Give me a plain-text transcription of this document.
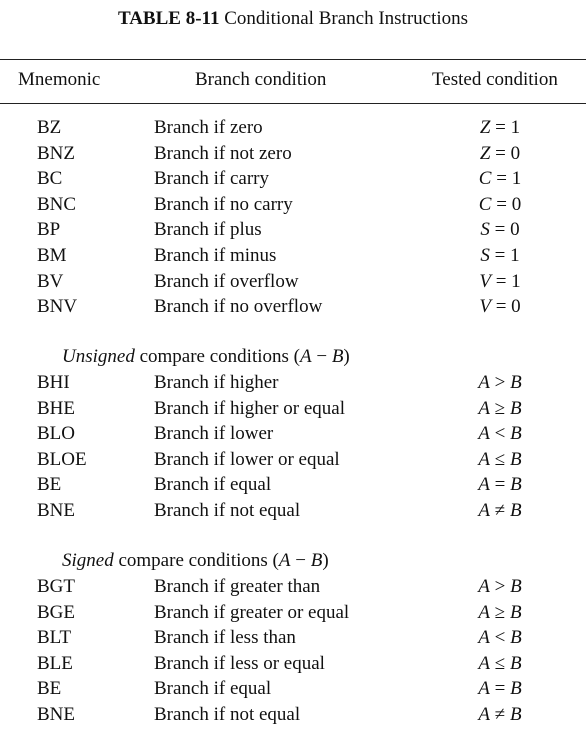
TABLE 8-11 Conditional Branch Instructions
Mnemonic	Branch condition	Tested condition
BZ	Branch if zero	Z = 1
BNZ	Branch if not zero	Z = 0
BC	Branch if carry	C = 1
BNC	Branch if no carry	C = 0
BP	Branch if plus	S = 0
BM	Branch if minus	S = 1
BV	Branch if overflow	V = 1
BNV	Branch if no overflow	V = 0
Unsigned compare conditions (A − B)
BHI	Branch if higher	A > B
BHE	Branch if higher or equal	A ≥ B
BLO	Branch if lower	A < B
BLOE	Branch if lower or equal	A ≤ B
BE	Branch if equal	A = B
BNE	Branch if not equal	A ≠ B
Signed compare conditions (A − B)
BGT	Branch if greater than	A > B
BGE	Branch if greater or equal	A ≥ B
BLT	Branch if less than	A < B
BLE	Branch if less or equal	A ≤ B
BE	Branch if equal	A = B
BNE	Branch if not equal	A ≠ B
